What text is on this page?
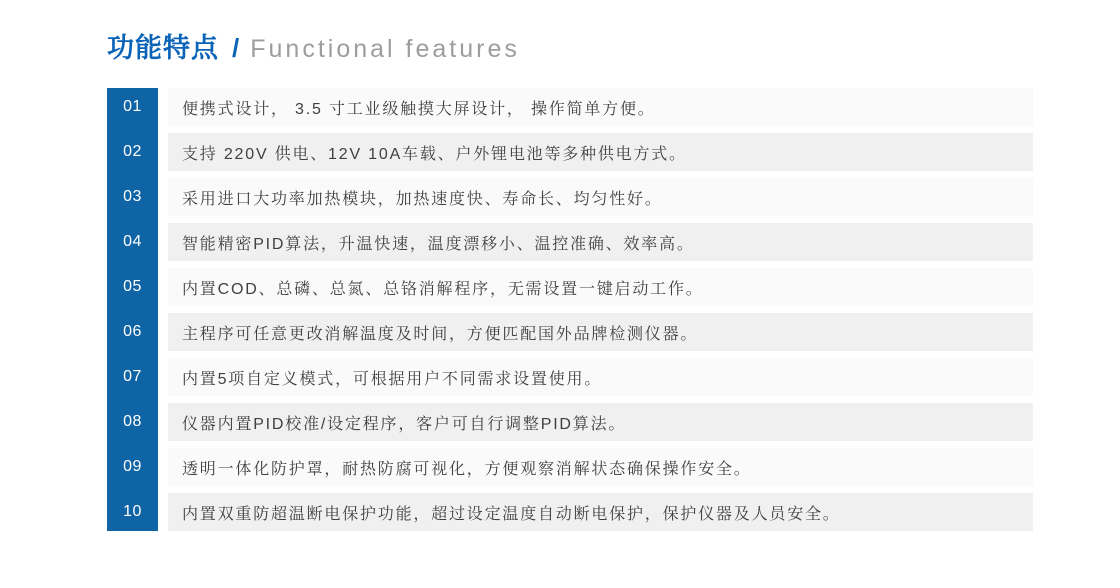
功能特点 / Functional features
01	便携式设计， 3.5 寸工业级触摸大屏设计， 操作简单方便。
02	支持 220V 供电、12V 10A车载、户外锂电池等多种供电方式。
03	采用进口大功率加热模块，加热速度快、寿命长、均匀性好。
04	智能精密PID算法，升温快速，温度漂移小、温控准确、效率高。
05	内置COD、总磷、总氮、总铬消解程序，无需设置一键启动工作。
06	主程序可任意更改消解温度及时间，方便匹配国外品牌检测仪器。
07	内置5项自定义模式，可根据用户不同需求设置使用。
08	仪器内置PID校准/设定程序，客户可自行调整PID算法。
09	透明一体化防护罩，耐热防腐可视化，方便观察消解状态确保操作安全。
10	内置双重防超温断电保护功能，超过设定温度自动断电保护，保护仪器及人员安全。
